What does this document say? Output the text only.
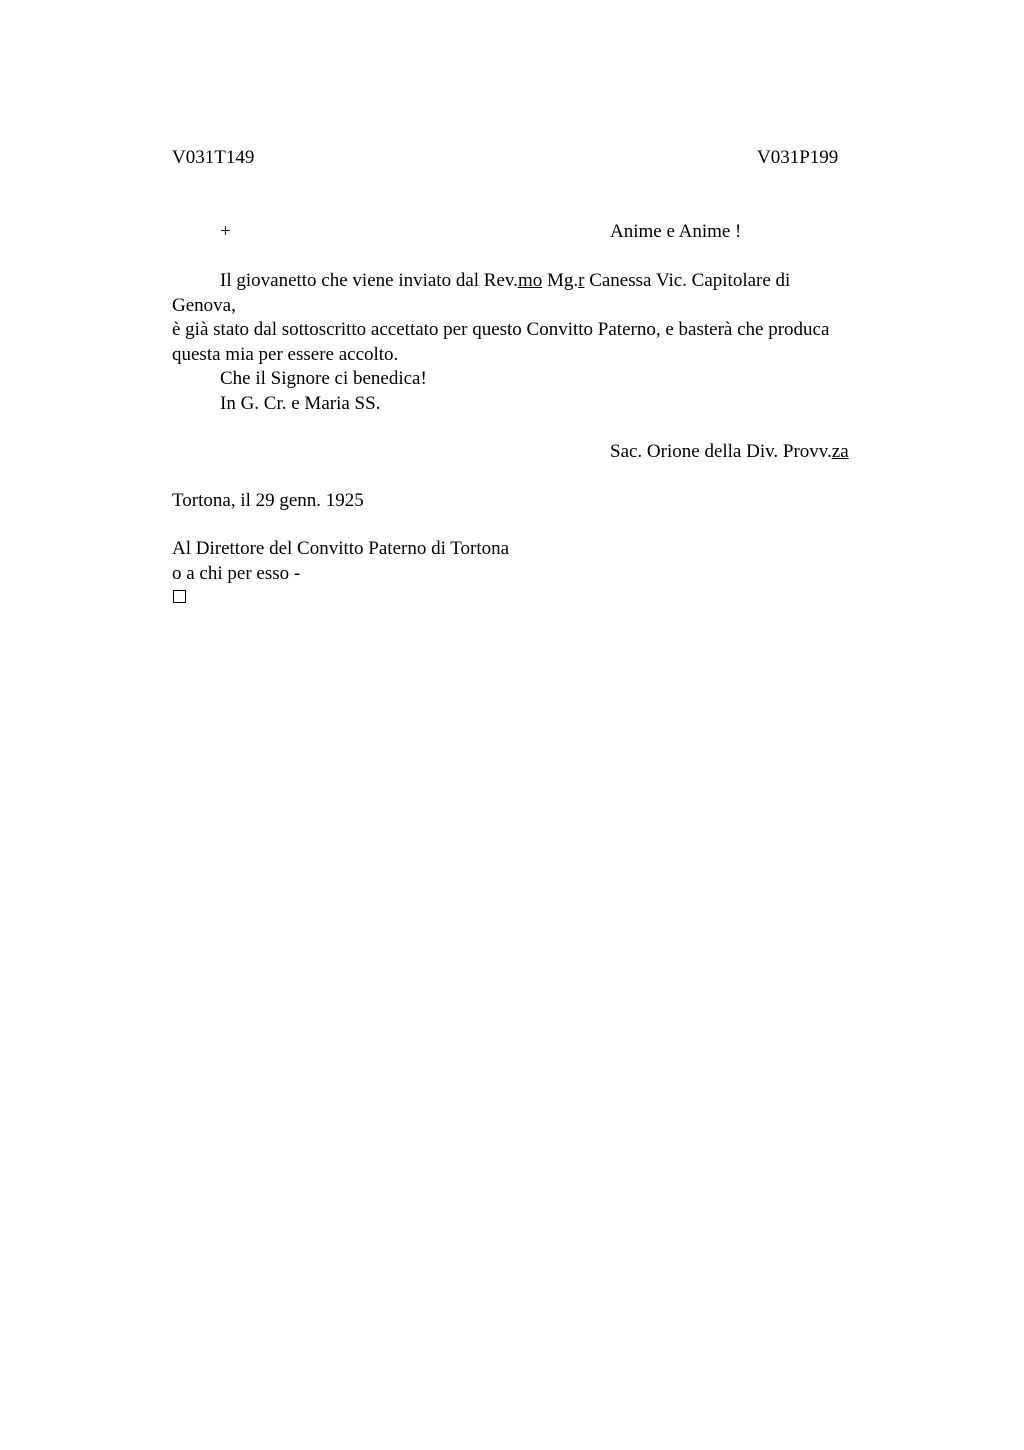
V031T149	V031P199
+	Anime e Anime !

Il giovanetto che viene inviato dal Rev.mo Mg.r Canessa Vic. Capitolare di

Genova,

è già stato dal sottoscritto accettato per questo Convitto Paterno, e basterà che produca

questa mia per essere accolto.

Che il Signore ci benedica!

In G. Cr. e Maria SS.

Sac. Orione della Div. Provv.za
Tortona, il 29 genn. 1925
Al Direttore del Convitto Paterno di Tortona
o a chi per esso -
